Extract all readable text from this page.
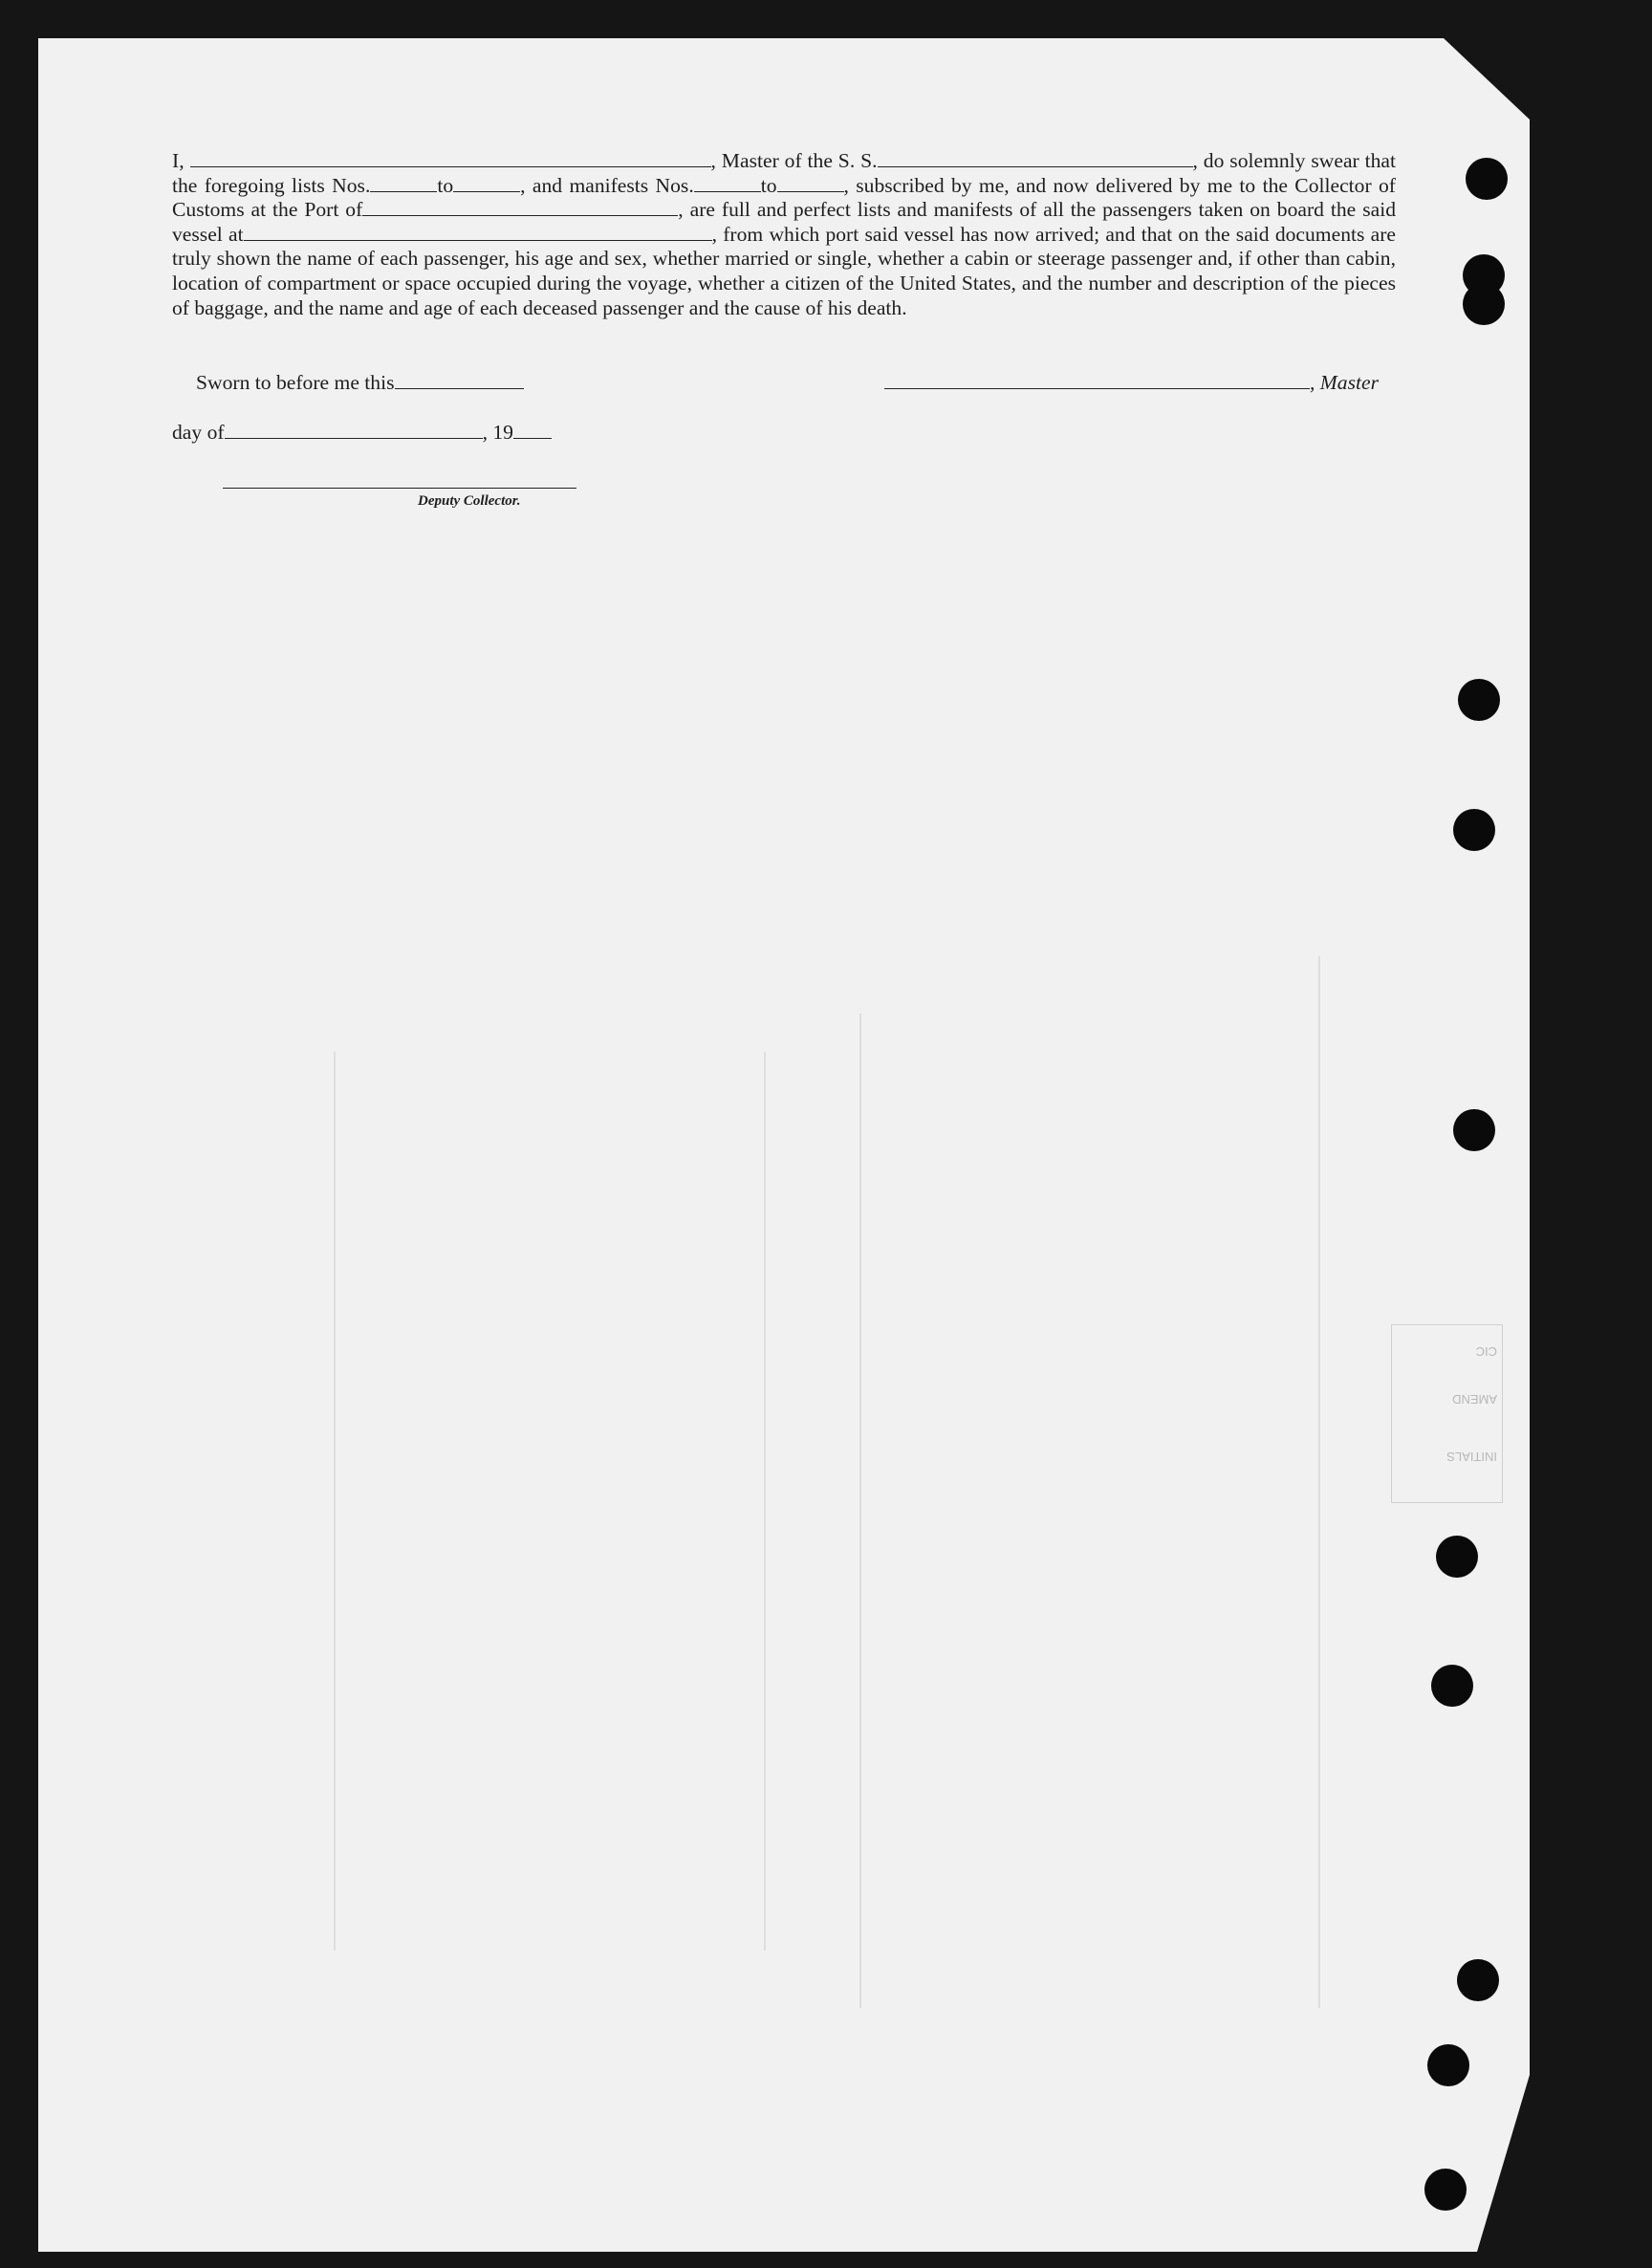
I,	, Master of the S. S.	, do solemnly swear that the foregoing lists Nos.	to	, and manifests Nos.	to	, subscribed by me, and now delivered by me to the Collector of Customs at the Port of	, are full and perfect lists and manifests of all the passengers taken on board the said vessel at	, from which port said vessel has now arrived; and that on the said documents are truly shown the name of each passenger, his age and sex, whether married or single, whether a cabin or steerage passenger and, if other than cabin, location of compartment or space occupied during the voyage, whether a citizen of the United States, and the number and description of the pieces of baggage, and the name and age of each deceased passenger and the cause of his death.
Sworn to before me this	, Master
day of	, 19
Deputy Collector.
CIC
AMEND
INITIALS
